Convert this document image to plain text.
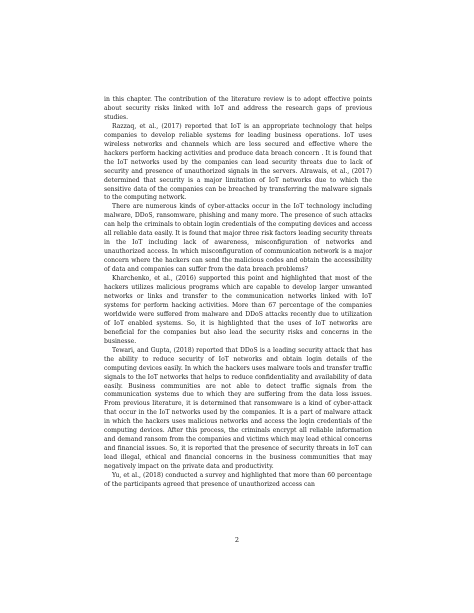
in this chapter. The contribution of the literature review is to adopt effective points about security risks linked with IoT and address the research gaps of previous studies.

Razzaq, et al., (2017) reported that IoT is an appropriate technology that helps companies to develop reliable systems for leading business operations. IoT uses wireless networks and channels which are less secured and effective where the hackers perform hacking activities and produce data breach concern . It is found that the IoT networks used by the companies can lead security threats due to lack of security and presence of unauthorized signals in the servers. Alrawais, et al., (2017) determined that security is a major limitation of IoT networks due to which the sensitive data of the companies can be breached by transferring the malware signals to the computing network.

There are numerous kinds of cyber-attacks occur in the IoT technology including malware, DDoS, ransomware, phishing and many more. The presence of such attacks can help the criminals to obtain login credentials of the computing devices and access all reliable data easily. It is found that major three risk factors leading security threats in the IoT including lack of awareness, misconfiguration of networks and unauthorized access. In which misconfiguration of communication network is a major concern where the hackers can send the malicious codes and obtain the accessibility of data and companies can suffer from the data breach problems?

Kharchenko, et al., (2016) supported this point and highlighted that most of the hackers utilizes malicious programs which are capable to develop larger unwanted networks or links and transfer to the communication networks linked with IoT systems for perform hacking activities. More than 67 percentage of the companies worldwide were suffered from malware and DDoS attacks recently due to utilization of IoT enabled systems. So, it is highlighted that the uses of IoT networks are beneficial for the companies but also lead the security risks and concerns in the businesse.

Tewari, and Gupta, (2018) reported that DDoS is a leading security attack that has the ability to reduce security of IoT networks and obtain login details of the computing devices easily. In which the hackers uses malware tools and transfer traffic signals to the IoT networks that helps to reduce confidentiality and availability of data easily. Business communities are not able to detect traffic signals from the communication systems due to which they are suffering from the data loss issues. From previous literature, it is determined that ransomware is a kind of cyber-attack that occur in the IoT networks used by the companies. It is a part of malware attack in which the hackers uses malicious networks and access the login credentials of the computing devices. After this process, the criminals encrypt all reliable information and demand ransom from the companies and victims which may lead ethical concerns and financial issues. So, it is reported that the presence of security threats in IoT can lead illegal, ethical and financial concerns in the business communities that may negatively impact on the private data and productivity.

Yu, et al., (2018) conducted a survey and highlighted that more than 60 percentage of the participants agreed that presence of unauthorized access can

2
